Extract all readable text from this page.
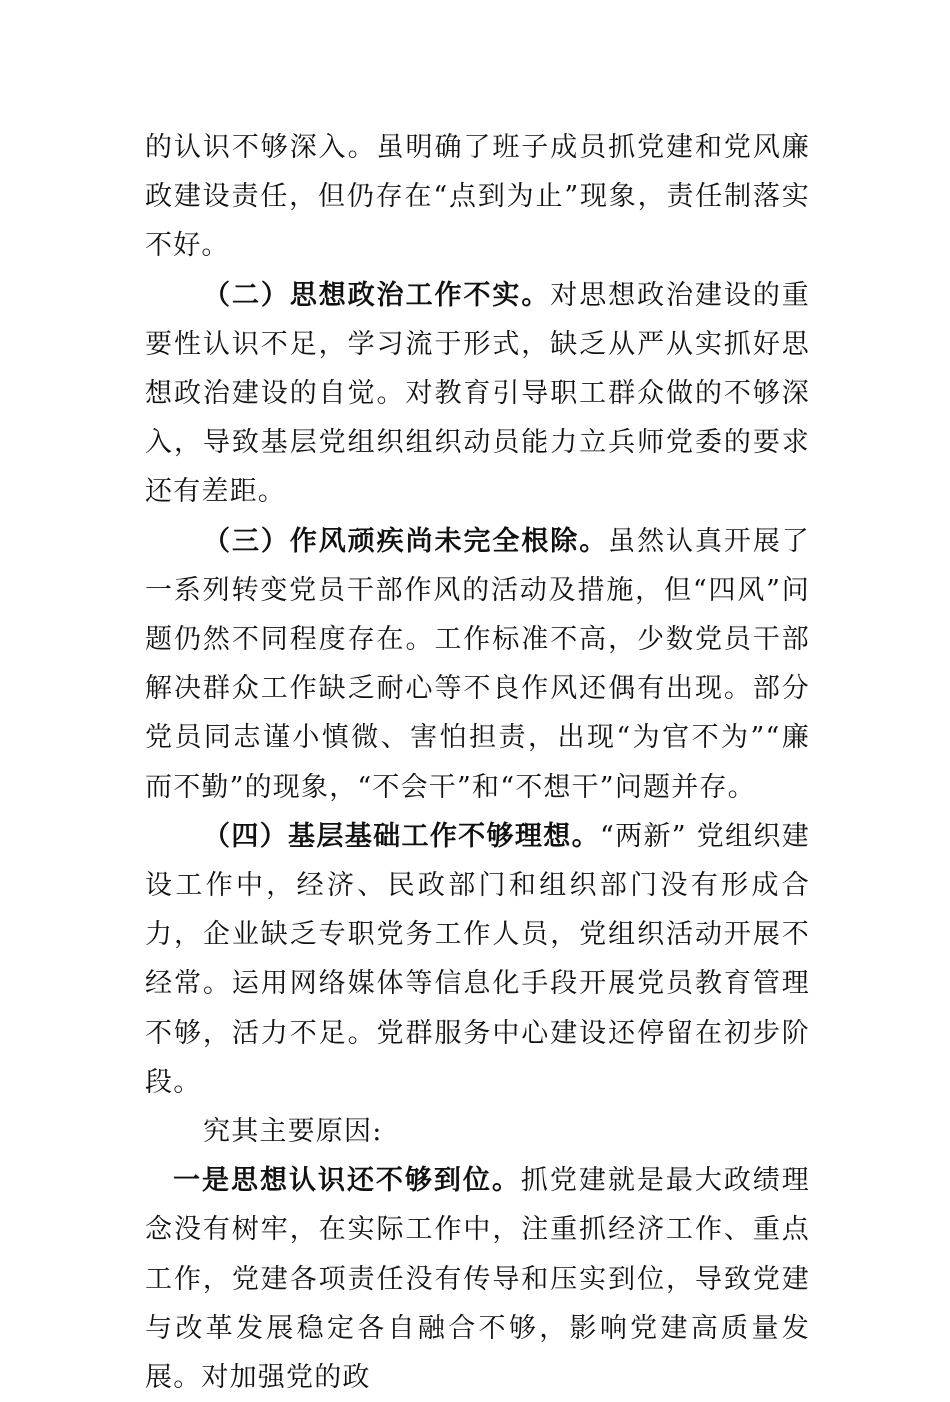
的认识不够深入。虽明确了班子成员抓党建和党风廉政建设责任，但仍存在“点到为止”现象，责任制落实不好。

（二）思想政治工作不实。对思想政治建设的重要性认识不足，学习流于形式，缺乏从严从实抓好思想政治建设的自觉。对教育引导职工群众做的不够深入，导致基层党组织组织动员能力立兵师党委的要求还有差距。

（三）作风顽疾尚未完全根除。虽然认真开展了一系列转变党员干部作风的活动及措施，但“四风”问题仍然不同程度存在。工作标准不高，少数党员干部解决群众工作缺乏耐心等不良作风还偶有出现。部分党员同志谨小慎微、害怕担责，出现“为官不为”“廉而不勤”的现象，“不会干”和“不想干”问题并存。

（四）基层基础工作不够理想。“两新” 党组织建设工作中，经济、民政部门和组织部门没有形成合力，企业缺乏专职党务工作人员，党组织活动开展不经常。运用网络媒体等信息化手段开展党员教育管理不够，活力不足。党群服务中心建设还停留在初步阶段。

究其主要原因:

一是思想认识还不够到位。抓党建就是最大政绩理念没有树牢，在实际工作中，注重抓经济工作、重点工作，党建各项责任没有传导和压实到位，导致党建与改革发展稳定各自融合不够，影响党建高质量发展。对加强党的政
